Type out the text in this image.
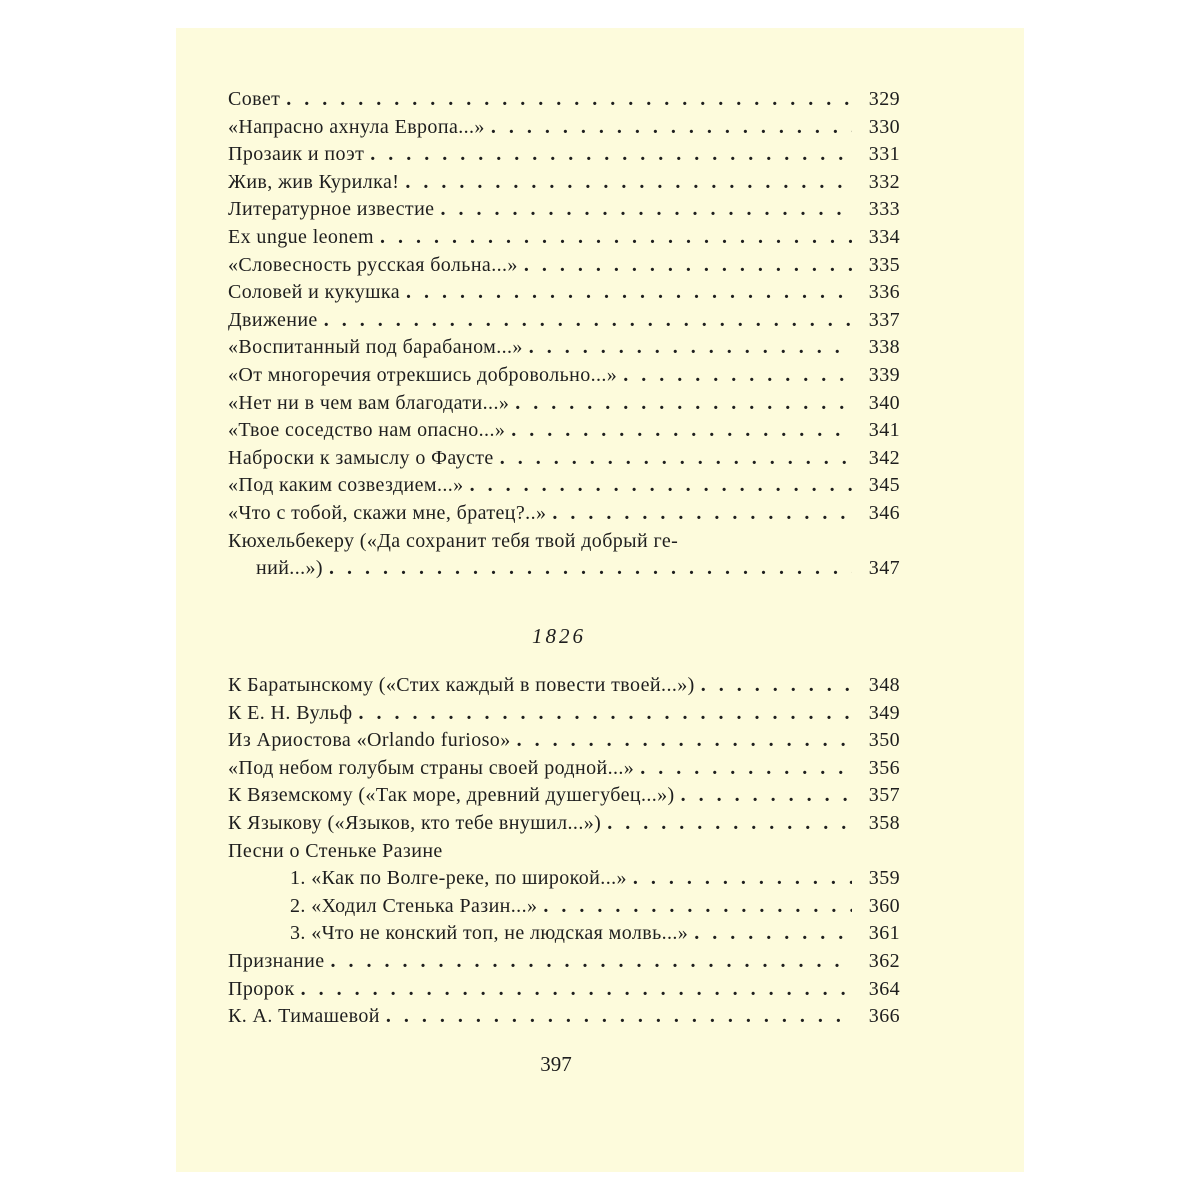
Совет . .	329
«Напрасно ахнула Европа...» . .	330
Прозаик и поэт . .	331
Жив, жив Курилка! . .	332
Литературное известие . .	333
Ex ungue leonem . .	334
«Словесность русская больна...» . .	335
Соловей и кукушка . .	336
Движение . .	337
«Воспитанный под барабаном...» . .	338
«От многоречия отрекшись добровольно...» . .	339
«Нет ни в чем вам благодати...» . .	340
«Твое соседство нам опасно...» . .	341
Наброски к замыслу о Фаусте . .	342
«Под каким созвездием...» . .	345
«Что с тобой, скажи мне, братец?..» . .	346
Кюхельбекеру («Да сохранит тебя твой добрый ге-
ний...») . .	347
1826
К Баратынскому («Стих каждый в повести твоей...») . .	348
К Е. Н. Вульф . .	349
Из Ариостова «Orlando furioso» . .	350
«Под небом голубым страны своей родной...» . .	356
К Вяземскому («Так море, древний душегубец...») . .	357
К Языкову («Языков, кто тебе внушил...») . .	358
Песни о Стеньке Разине
1. «Как по Волге-реке, по широкой...» . .	359
2. «Ходил Стенька Разин...» . .	360
3. «Что не конский топ, не людская молвь...» . .	361
Признание . .	362
Пророк . .	364
К. А. Тимашевой . .	366
397
